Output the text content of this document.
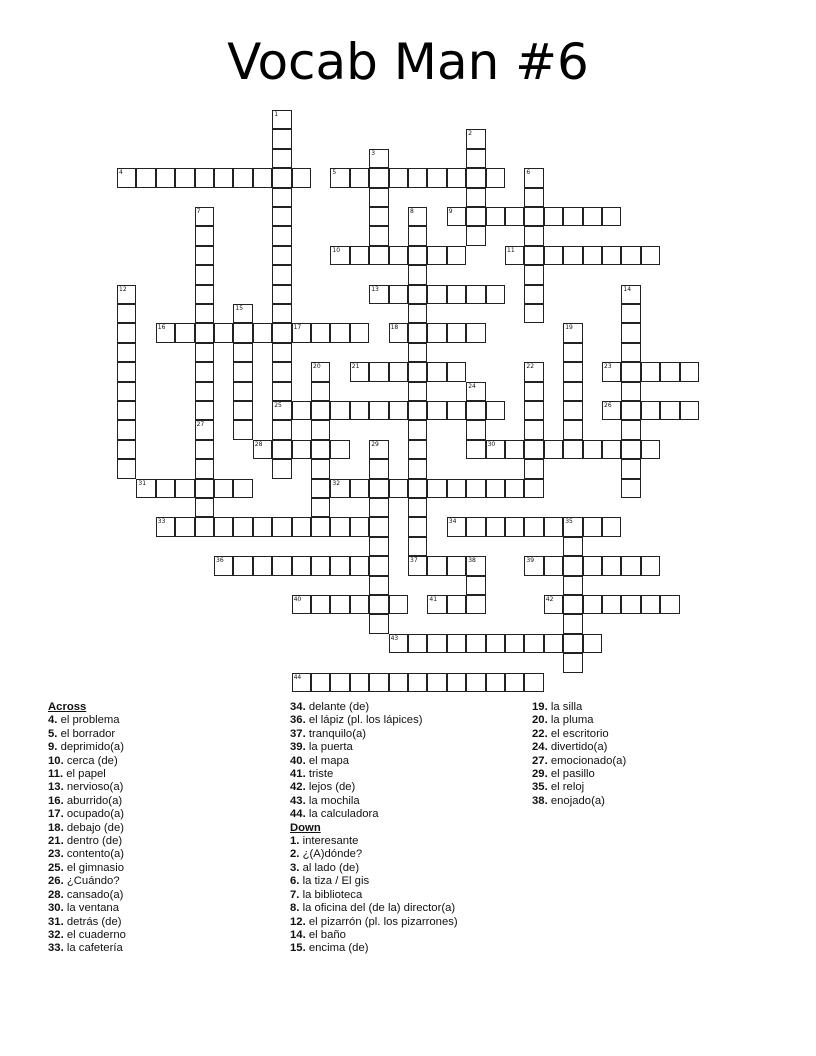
Vocab Man #6
1
25
2
3
4	5	6
7	8	9
10	11
12	13	14
15
16	17	18	19
20	21	22	23
24
26
27
28	29	30
31	32
33	34	35
36	37	38	39
40	41	42
43
44
Across
4. el problema
5. el borrador
9. deprimido(a)
10. cerca (de)
11. el papel
13. nervioso(a)
16. aburrido(a)
17. ocupado(a)
18. debajo (de)
21. dentro (de)
23. contento(a)
25. el gimnasio
26. ¿Cuándo?
28. cansado(a)
30. la ventana
31. detrás (de)
32. el cuaderno
33. la cafetería
34. delante (de)
36. el lápiz (pl. los lápices)
37. tranquilo(a)
39. la puerta
40. el mapa
41. triste
42. lejos (de)
43. la mochila
44. la calculadora
Down
1. interesante
2. ¿(A)dónde?
3. al lado (de)
6. la tiza / El gis
7. la biblioteca
8. la oficina del (de la) director(a)
12. el pizarrón (pl. los pizarrones)
14. el baño
15. encima (de)
19. la silla
20. la pluma
22. el escritorio
24. divertido(a)
27. emocionado(a)
29. el pasillo
35. el reloj
38. enojado(a)
